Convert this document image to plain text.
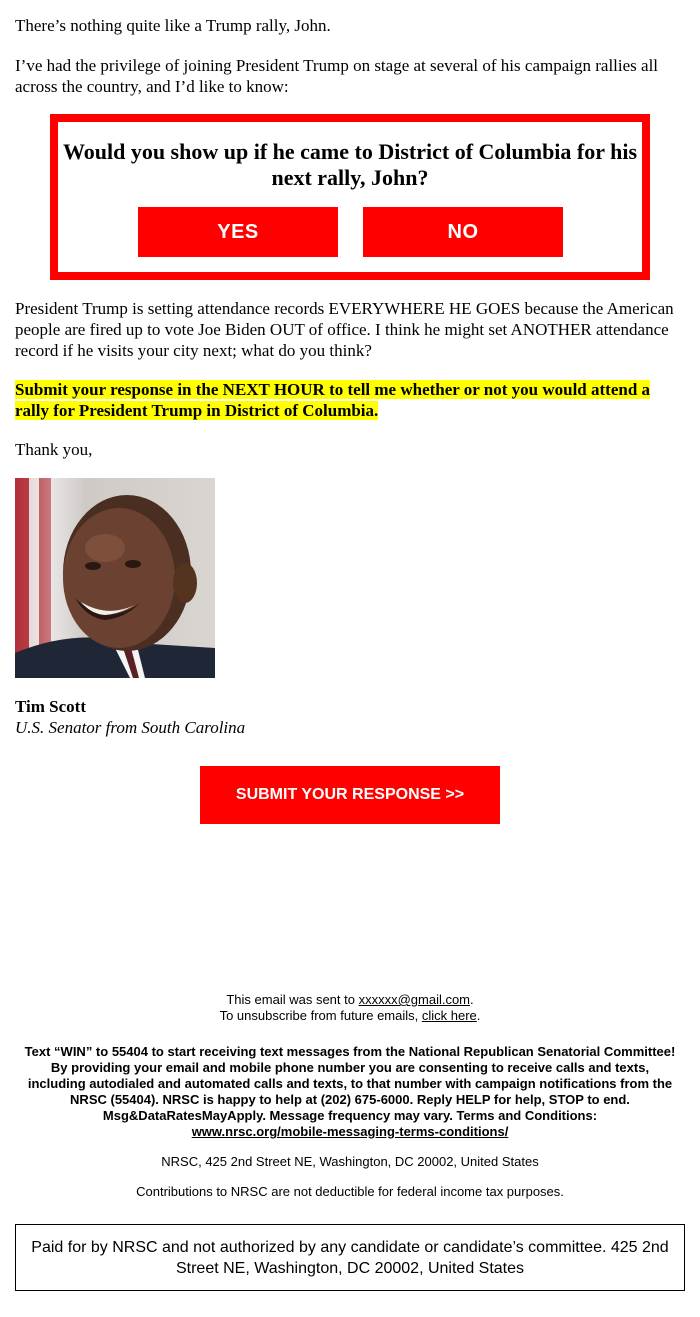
There’s nothing quite like a Trump rally, John.

I’ve had the privilege of joining President Trump on stage at several of his campaign rallies all across the country, and I’d like to know:

Would you show up if he came to District of Columbia for his next rally, John?
YES	NO

President Trump is setting attendance records EVERYWHERE HE GOES because the American people are fired up to vote Joe Biden OUT of office. I think he might set ANOTHER attendance record if he visits your city next; what do you think?

Submit your response in the NEXT HOUR to tell me whether or not you would attend a rally for President Trump in District of Columbia.

Thank you,

Tim Scott
U.S. Senator from South Carolina
SUBMIT YOUR RESPONSE >>
This email was sent to xxxxxx@gmail.com.
To unsubscribe from future emails, click here.
Text “WIN” to 55404 to start receiving text messages from the National Republican Senatorial Committee! By providing your email and mobile phone number you are consenting to receive calls and texts, including autodialed and automated calls and texts, to that number with campaign notifications from the NRSC (55404). NRSC is happy to help at (202) 675-6000. Reply HELP for help, STOP to end. Msg&DataRatesMayApply. Message frequency may vary. Terms and Conditions:
www.nrsc.org/mobile-messaging-terms-conditions/
NRSC, 425 2nd Street NE, Washington, DC 20002, United States
Contributions to NRSC are not deductible for federal income tax purposes.
Paid for by NRSC and not authorized by any candidate or candidate’s committee. 425 2nd Street NE, Washington, DC 20002, United States
